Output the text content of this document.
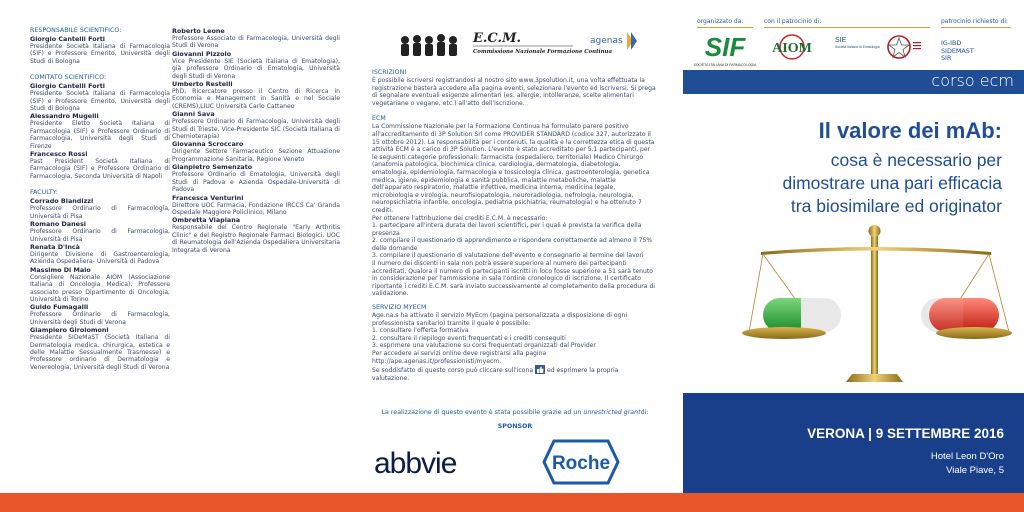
RESPONSABILE SCIENTIFICO:
Giorgio Cantelli Forti
Presidente Società Italiana di Farmacologia (SIF) e Professore Emerito, Università degli Studi di Bologna
COMITATO SCIENTIFICO:
Giorgio Cantelli Forti
Presidente Società Italiana di Farmacologia (SIF) e Professore Emerito, Università degli Studi di Bologna
Alessandro Mugelli
Presidente Eletto Società Italiana di Farmacologia (SIF) e Professore Ordinario di Farmacologia, Università degli Studi di Firenze
Francesco Rossi
Past President Società Italiana di Farmacologia (SIF) e Professore Ordinario di Farmacologia, Seconda Università di Napoli
FACULTY:
Corrado Blandizzi
Professore Ordinario di Farmacologia, Università di Pisa
Romano Danesi
Professore Ordinario di Farmacologia, Università di Pisa
Renata D'Incà
Dirigente Divisione di Gastroenterologia, Azienda Ospedaliera- Università di Padova
Massimo Di Maio
Consigliere Nazionale AIOM (Associazione Italiana di Oncologia Medica), Professore associato presso Dipartimento di Oncologia, Università di Torino
Guido Fumagalli
Professore Ordinario di Farmacologia, Università degli Studi di Verona
Giampiero Girolomoni
Presidente SIDeMaST (Società Italiana di Dermatologia medica, chirurgica, estetica e delle Malattie Sessualmente Trasmesse) e Professore ordinario di Dermatologia e Venereologia, Università degli Studi di Verona
Roberto Leone
Professore Associato di Farmacologia, Università degli Studi di Verona
Giovanni Pizzolo
Vice Presidente SIE (Società Italiana di Ematologia), già professore Ordinario di Ematologia, Università degli Studi di Verona
Umberto Restelli
PhD, Ricercatore presso il Centro di Ricerca in Economia e Management in Sanità e nel Sociale (CREMS),LIUC Università Carlo Cattaneo
Gianni Sava
Professore Ordinario di Farmacologia, Università degli Studi di Trieste, Vice-Presidente SIC (Società Italiana di Chemioterapia)
Giovanna Scroccaro
Dirigente Settore Farmaceutico Sezione Attuazione Programmazione Sanitaria, Regione Veneto
Gianpietro Semenzato
Professore Ordinario di Ematologia, Università degli Studi di Padova e Azienda Ospedale-Università di Padova
Francesca Venturini
Direttore UOC Farmacia, Fondazione IRCCS Ca' Granda Ospedale Maggiore Policlinico, Milano
Ombretta Viapiana
Responsabile del Centro Regionale "Early Arthritis Clinic" e del Registro Regionale Farmaci Biologici, UOC di Reumatologia dell'Azienda Ospedaliera Universitaria Integrata di Verona
E.C.M.
Commissione Nazionale Formazione Continua
agenas
ISCRIZIONI
È possibile iscriversi registrandosi al nostro sito www.3psolution.it, una volta effettuata la registrazione basterà accedere alla pagina eventi, selezionare l'evento ed iscriversi. Si prega di segnalare eventuali esigenze alimentari (es. allergie, intolleranze, scelte alimentari vegetariane o vegane, etc.) all'atto dell'iscrizione.
ECM
La Commissione Nazionale per la Formazione Continua ha formulato parere positivo all'accreditamento di 3P Solution Srl come PROVIDER STANDARD (codice 327, autorizzato il 15 ottobre 2012). La responsabilità per i contenuti, la qualità e la correttezza etica di questa attività ECM è a carico di 3P Solution. L'evento è stato accreditato per 5.1 partecipanti, per le seguenti categorie professionali: farmacista (ospedaliero, territoriale) Medico Chirurgo (anatomia patologica, biochimica clinica, cardiologia, dermatologia, diabetologia, ematologia, epidemiologia, farmacologia e tossicologia clinica, gastroenterologia, genetica medica, igiene, epidemiologia e sanità pubblica, malattie metaboliche, malattie dell'apparato respiratorio, malattie infettive, medicina interna, medicina legale, microbiologia e virologia, neurofisiopatologia, neuroradiologia, nefrologia, neurologia, neuropsichiatria infantile, oncologia, pediatria psichiatria, reumatologia) e ha ottenuto 7 crediti.
Per ottenere l'attribuzione dei crediti E.C.M. è necessario:
1. partecipare all'intera durata dei lavori scientifici, per i quali è prevista la verifica della presenza
2. compilare il questionario di apprendimento e rispondere correttamente ad almeno il 75% delle domande
3. compilare il questionario di valutazione dell'evento e consegnarlo al termine dei lavori
Il numero dei discenti in sala non potrà essere superiore al numero dei partecipanti accreditati. Qualora il numero di partecipanti iscritti in loco fosse superiore a 51 sarà tenuto in considerazione per l'ammissione in sala l'ordine cronologico di iscrizione. Il certificato riportante i crediti E.C.M. sarà inviato successivamente al completamento della procedura di validazione.
SERVIZIO MYECM
Age.na.s ha attivato il servizio MyEcm (pagina personalizzata a disposizione di ogni professionista sanitario) tramite il quale è possibile:
1. consultare l'offerta formativa
2. consultare il riepilogo eventi frequentati e i crediti conseguiti
3. esprimere una valutazione su corsi frequentati organizzati dal Provider
Per accedere ai servizi online deve registrarsi alla pagina http://ape.agenas.it/professionisti/myecm.
Se soddisfatto di questo corso può cliccare sull'icona ed esprimere la propria valutazione.
La realizzazione di questo evento è stata possibile grazie ad un unrestricted grantdi:
SPONSOR
abbvie	Roche
organizzato da:	con il patrocinio di:	patrocinio richiesto di:
SIF
SOCIETÀ ITALIANA DI FARMACOLOGIA
AIOM
SIE
Società Italiana di Ematologia	IG-IBD
SIDEMAST
SIR
corso ecm
Il valore dei mAb:
cosa è necessario per
dimostrare una pari efficacia
tra biosimilare ed originator
VERONA | 9 SETTEMBRE 2016
Hotel Leon D'Oro
Viale Piave, 5
